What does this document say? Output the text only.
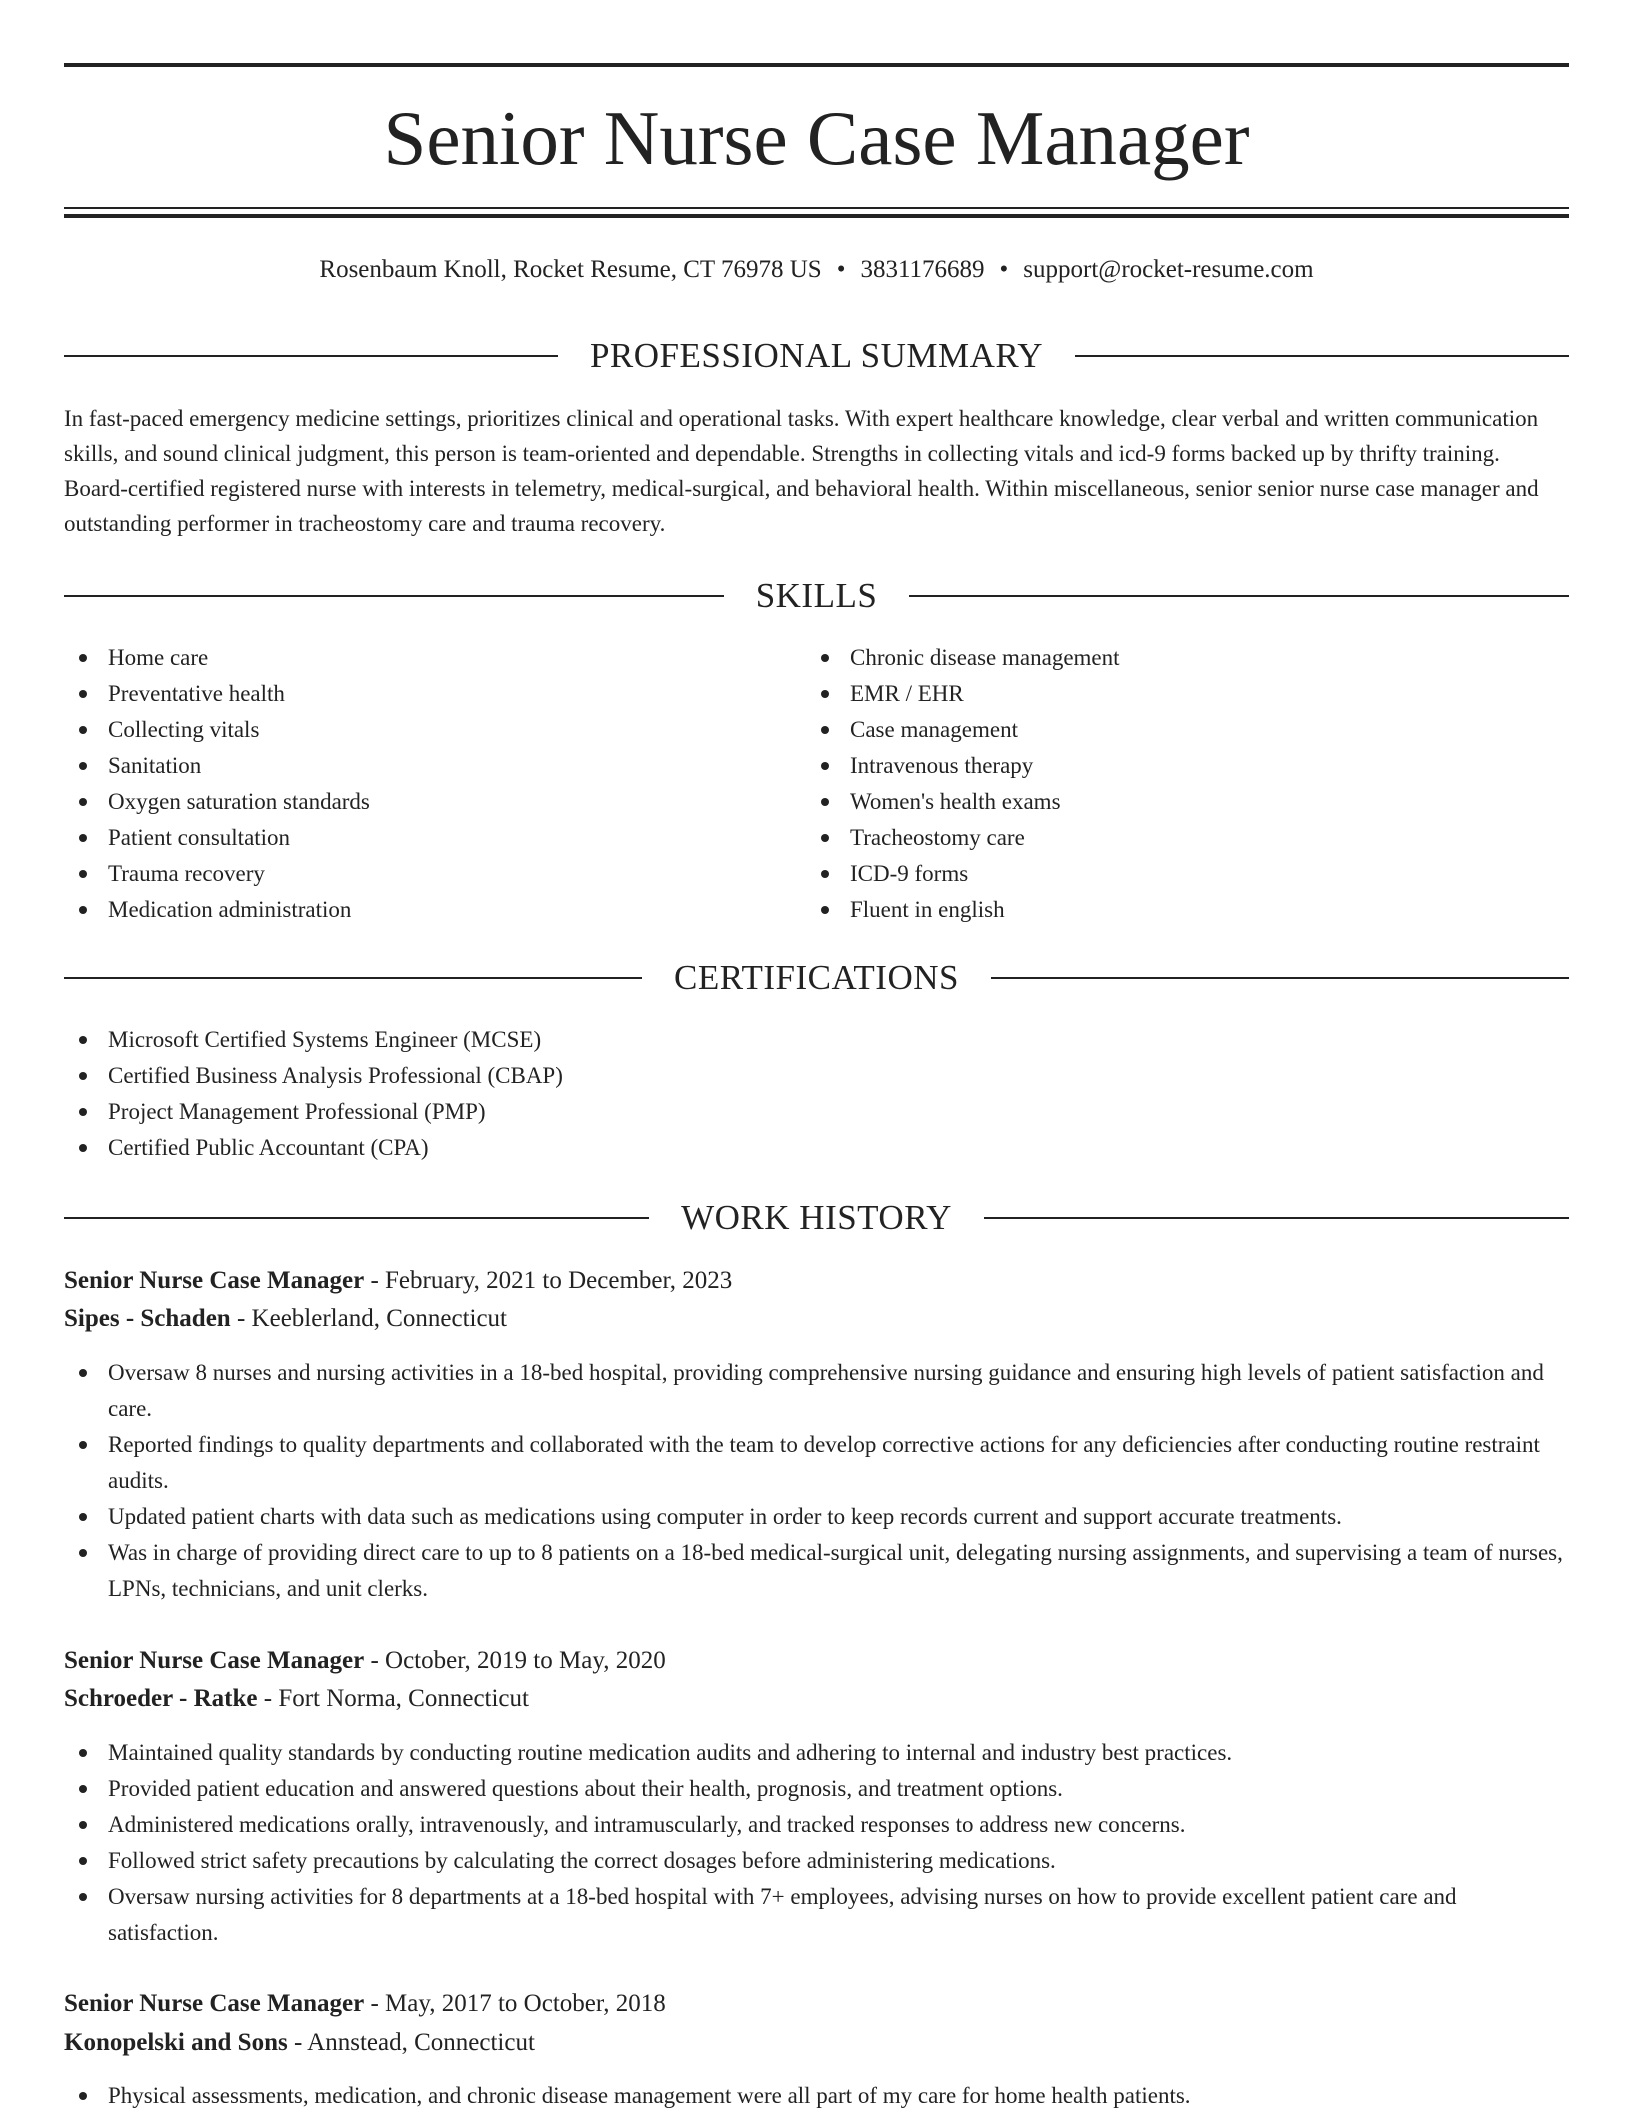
Senior Nurse Case Manager
Rosenbaum Knoll, Rocket Resume, CT 76978 US • 3831176689 • support@rocket-resume.com
PROFESSIONAL SUMMARY

In fast-paced emergency medicine settings, prioritizes clinical and operational tasks. With expert healthcare knowledge, clear verbal and written communication skills, and sound clinical judgment, this person is team-oriented and dependable. Strengths in collecting vitals and icd-9 forms backed up by thrifty training. Board-certified registered nurse with interests in telemetry, medical-surgical, and behavioral health. Within miscellaneous, senior senior nurse case manager and outstanding performer in tracheostomy care and trauma recovery.

SKILLS
Home care
Preventative health
Collecting vitals
Sanitation
Oxygen saturation standards
Patient consultation
Trauma recovery
Medication administration
Chronic disease management
EMR / EHR
Case management
Intravenous therapy
Women's health exams
Tracheostomy care
ICD-9 forms
Fluent in english
CERTIFICATIONS
Microsoft Certified Systems Engineer (MCSE)
Certified Business Analysis Professional (CBAP)
Project Management Professional (PMP)
Certified Public Accountant (CPA)
WORK HISTORY
Senior Nurse Case Manager - February, 2021 to December, 2023
Sipes - Schaden - Keeblerland, Connecticut
Oversaw 8 nurses and nursing activities in a 18-bed hospital, providing comprehensive nursing guidance and ensuring high levels of patient satisfaction and care.
Reported findings to quality departments and collaborated with the team to develop corrective actions for any deficiencies after conducting routine restraint audits.
Updated patient charts with data such as medications using computer in order to keep records current and support accurate treatments.
Was in charge of providing direct care to up to 8 patients on a 18-bed medical-surgical unit, delegating nursing assignments, and supervising a team of nurses, LPNs, technicians, and unit clerks.
Senior Nurse Case Manager - October, 2019 to May, 2020
Schroeder - Ratke - Fort Norma, Connecticut
Maintained quality standards by conducting routine medication audits and adhering to internal and industry best practices.
Provided patient education and answered questions about their health, prognosis, and treatment options.
Administered medications orally, intravenously, and intramuscularly, and tracked responses to address new concerns.
Followed strict safety precautions by calculating the correct dosages before administering medications.
Oversaw nursing activities for 8 departments at a 18-bed hospital with 7+ employees, advising nurses on how to provide excellent patient care and satisfaction.
Senior Nurse Case Manager - May, 2017 to October, 2018
Konopelski and Sons - Annstead, Connecticut
Physical assessments, medication, and chronic disease management were all part of my care for home health patients.
